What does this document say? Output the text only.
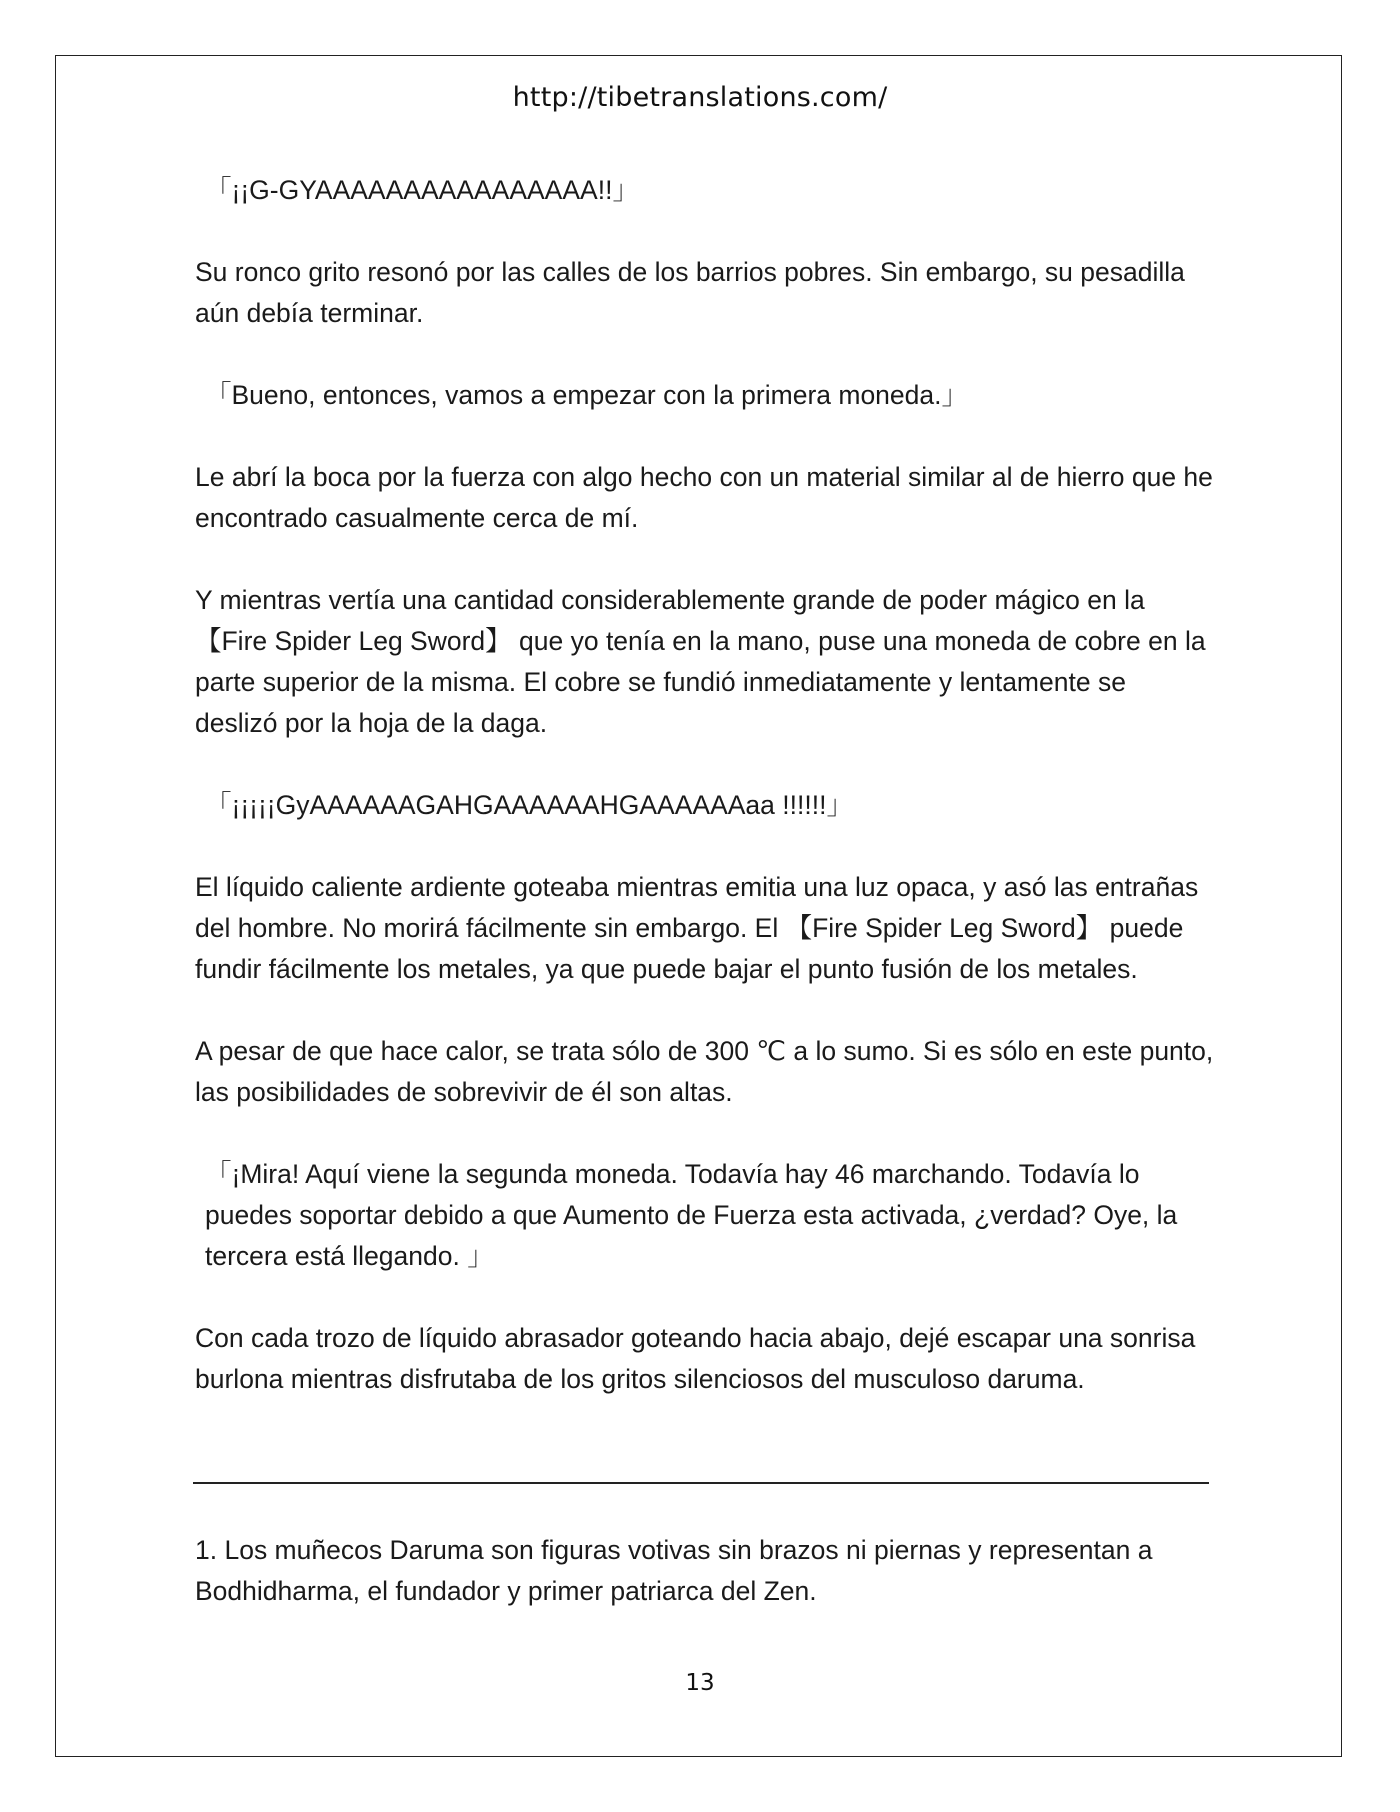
http://tibetranslations.com/

「¡¡G-GYAAAAAAAAAAAAAAAA!!」

Su ronco grito resonó por las calles de los barrios pobres. Sin embargo, su pesadilla aún debía terminar.

「Bueno, entonces, vamos a empezar con la primera moneda.」

Le abrí la boca por la fuerza con algo hecho con un material similar al de hierro que he encontrado casualmente cerca de mí.

Y mientras vertía una cantidad considerablemente grande de poder mágico en la 【Fire Spider Leg Sword】 que yo tenía en la mano, puse una moneda de cobre en la parte superior de la misma. El cobre se fundió inmediatamente y lentamente se deslizó por la hoja de la daga.

「¡¡¡¡¡GyAAAAAAGAHGAAAAAAHGAAAAAAaa !!!!!!」

El líquido caliente ardiente goteaba mientras emitia una luz opaca, y asó las entrañas del hombre. No morirá fácilmente sin embargo. El 【Fire Spider Leg Sword】 puede fundir fácilmente los metales, ya que puede bajar el punto fusión de los metales.

A pesar de que hace calor, se trata sólo de 300 ℃ a lo sumo. Si es sólo en este punto, las posibilidades de sobrevivir de él son altas.

「¡Mira! Aquí viene la segunda moneda. Todavía hay 46 marchando. Todavía lo puedes soportar debido a que Aumento de Fuerza esta activada, ¿verdad? Oye, la tercera está llegando. 」

Con cada trozo de líquido abrasador goteando hacia abajo, dejé escapar una sonrisa burlona mientras disfrutaba de los gritos silenciosos del musculoso daruma.

1. Los muñecos Daruma son figuras votivas sin brazos ni piernas y representan a Bodhidharma, el fundador y primer patriarca del Zen.
13
